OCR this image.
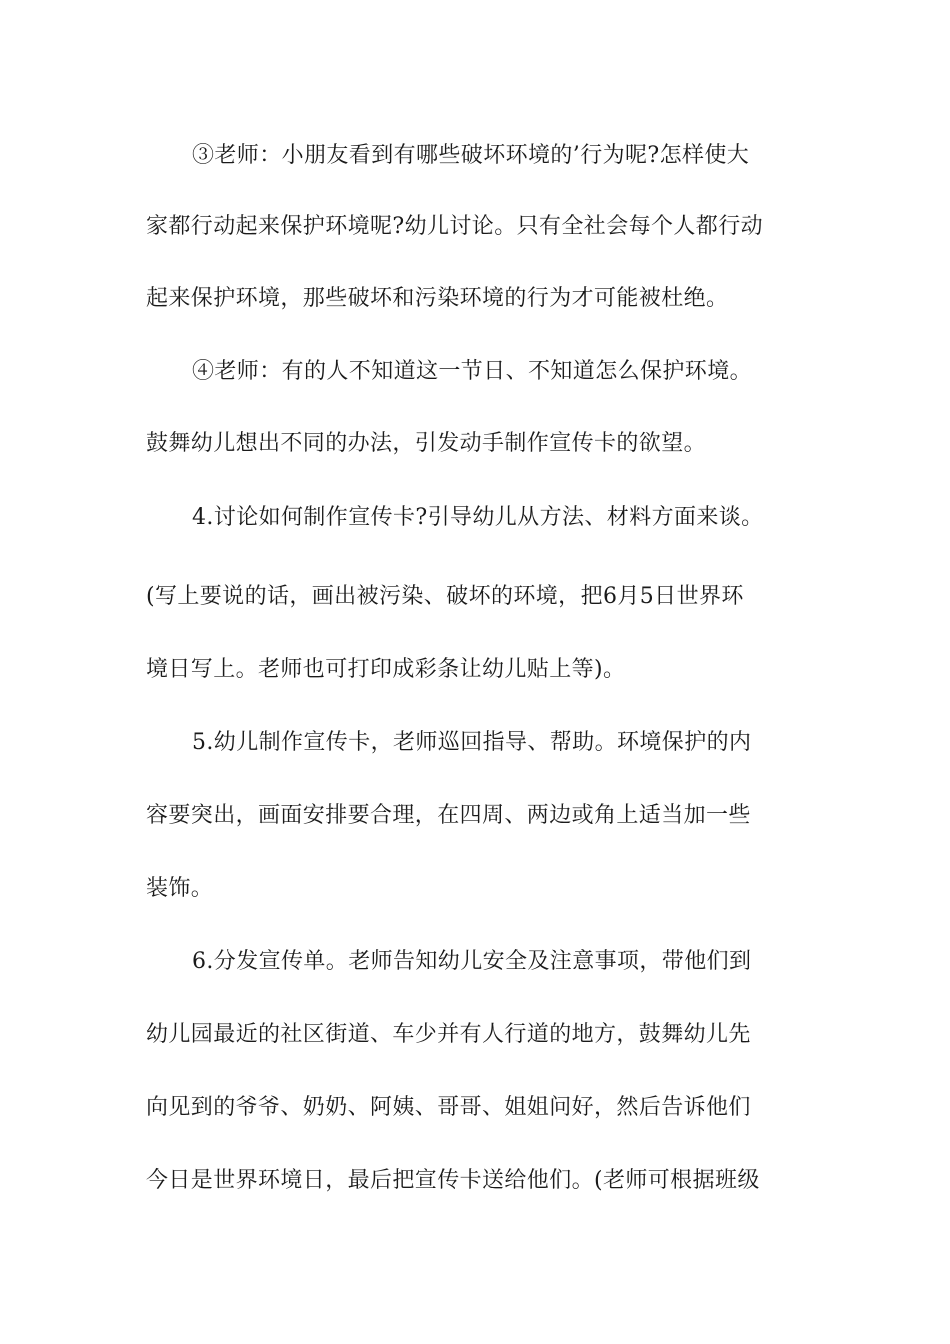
③老师：小朋友看到有哪些破坏环境的’行为呢?怎样使大
家都行动起来保护环境呢?幼儿讨论。只有全社会每个人都行动
起来保护环境，那些破坏和污染环境的行为才可能被杜绝。
④老师：有的人不知道这一节日、不知道怎么保护环境。
鼓舞幼儿想出不同的办法，引发动手制作宣传卡的欲望。
4.讨论如何制作宣传卡?引导幼儿从方法、材料方面来谈。
(写上要说的话，画出被污染、破坏的环境，把6月5日世界环
境日写上。老师也可打印成彩条让幼儿贴上等)。
5.幼儿制作宣传卡，老师巡回指导、帮助。环境保护的内
容要突出，画面安排要合理，在四周、两边或角上适当加一些
装饰。
6.分发宣传单。老师告知幼儿安全及注意事项，带他们到
幼儿园最近的社区街道、车少并有人行道的地方，鼓舞幼儿先
向见到的爷爷、奶奶、阿姨、哥哥、姐姐问好，然后告诉他们
今日是世界环境日，最后把宣传卡送给他们。(老师可根据班级
